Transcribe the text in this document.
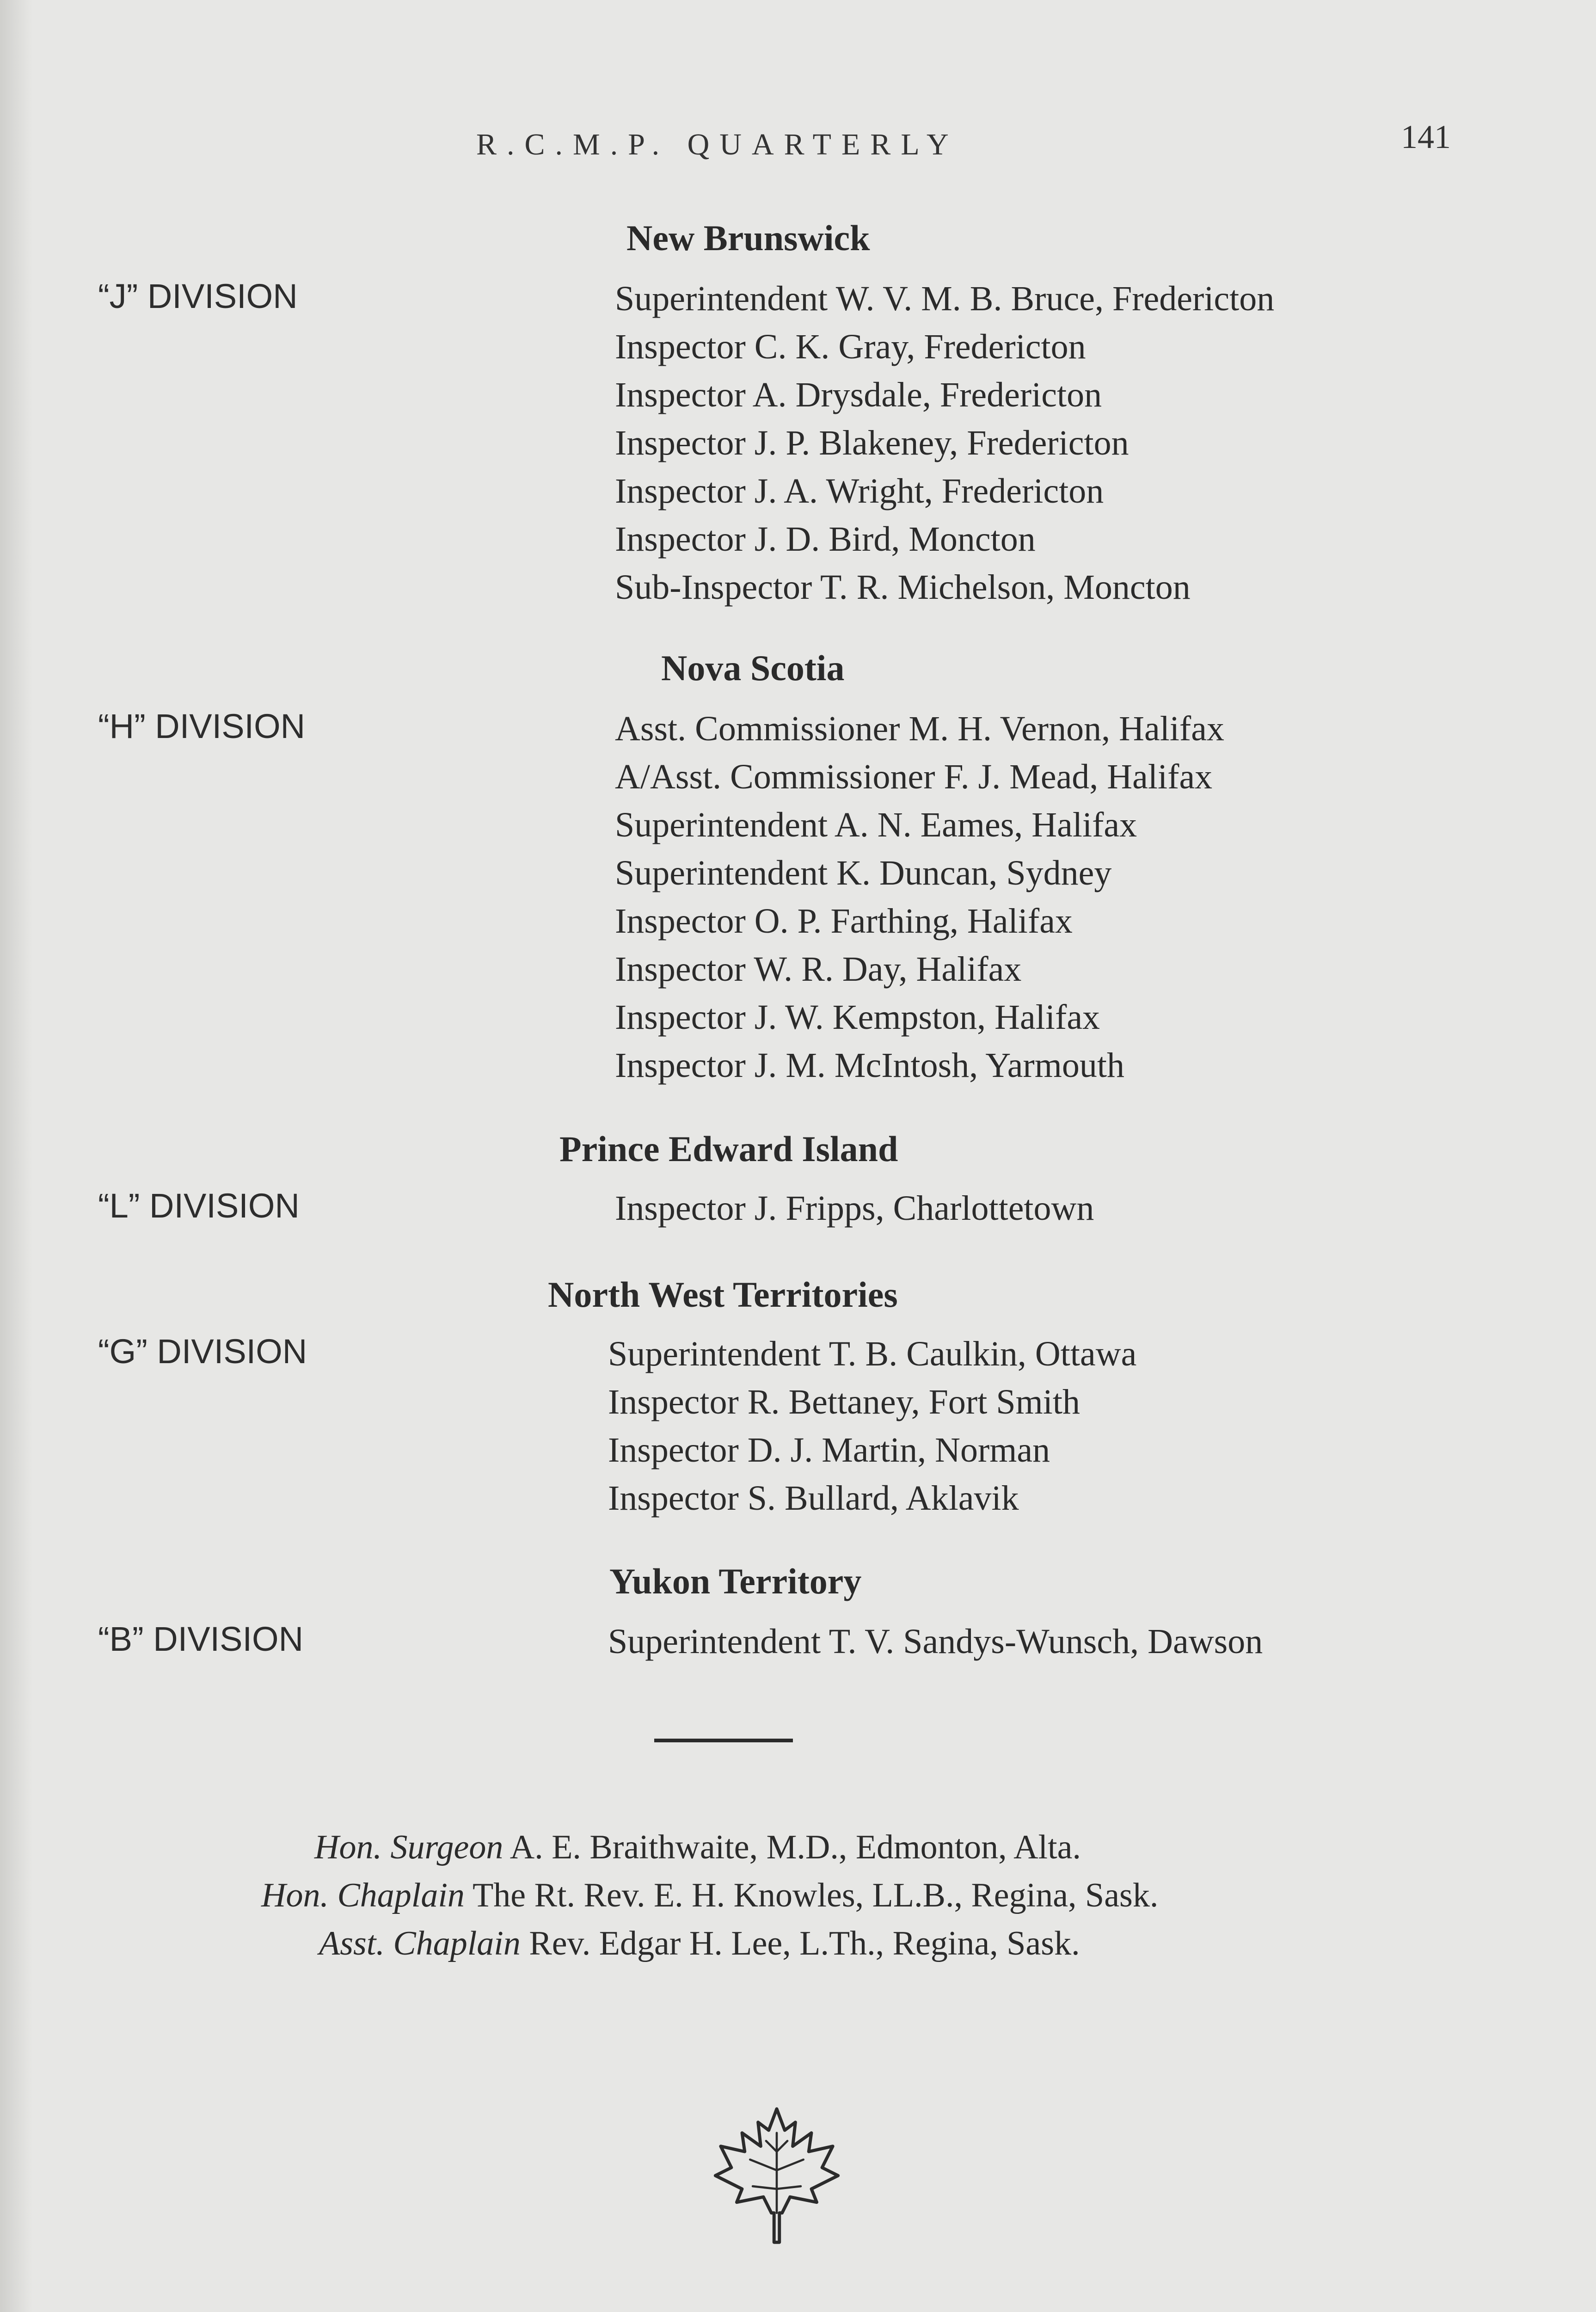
R.C.M.P. QUARTERLY	141
New Brunswick
“J” DIVISION	Superintendent W. V. M. B. Bruce, Fredericton
Inspector C. K. Gray, Fredericton
Inspector A. Drysdale, Fredericton
Inspector J. P. Blakeney, Fredericton
Inspector J. A. Wright, Fredericton
Inspector J. D. Bird, Moncton
Sub-Inspector T. R. Michelson, Moncton
Nova Scotia
“H” DIVISION	Asst. Commissioner M. H. Vernon, Halifax
A/Asst. Commissioner F. J. Mead, Halifax
Superintendent A. N. Eames, Halifax
Superintendent K. Duncan, Sydney
Inspector O. P. Farthing, Halifax
Inspector W. R. Day, Halifax
Inspector J. W. Kempston, Halifax
Inspector J. M. McIntosh, Yarmouth
Prince Edward Island
“L” DIVISION	Inspector J. Fripps, Charlottetown
North West Territories
“G” DIVISION	Superintendent T. B. Caulkin, Ottawa
Inspector R. Bettaney, Fort Smith
Inspector D. J. Martin, Norman
Inspector S. Bullard, Aklavik
Yukon Territory
“B” DIVISION	Superintendent T. V. Sandys-Wunsch, Dawson
Hon. Surgeon A. E. Braithwaite, M.D., Edmonton, Alta.
Hon. Chaplain The Rt. Rev. E. H. Knowles, LL.B., Regina, Sask.
Asst. Chaplain Rev. Edgar H. Lee, L.Th., Regina, Sask.
